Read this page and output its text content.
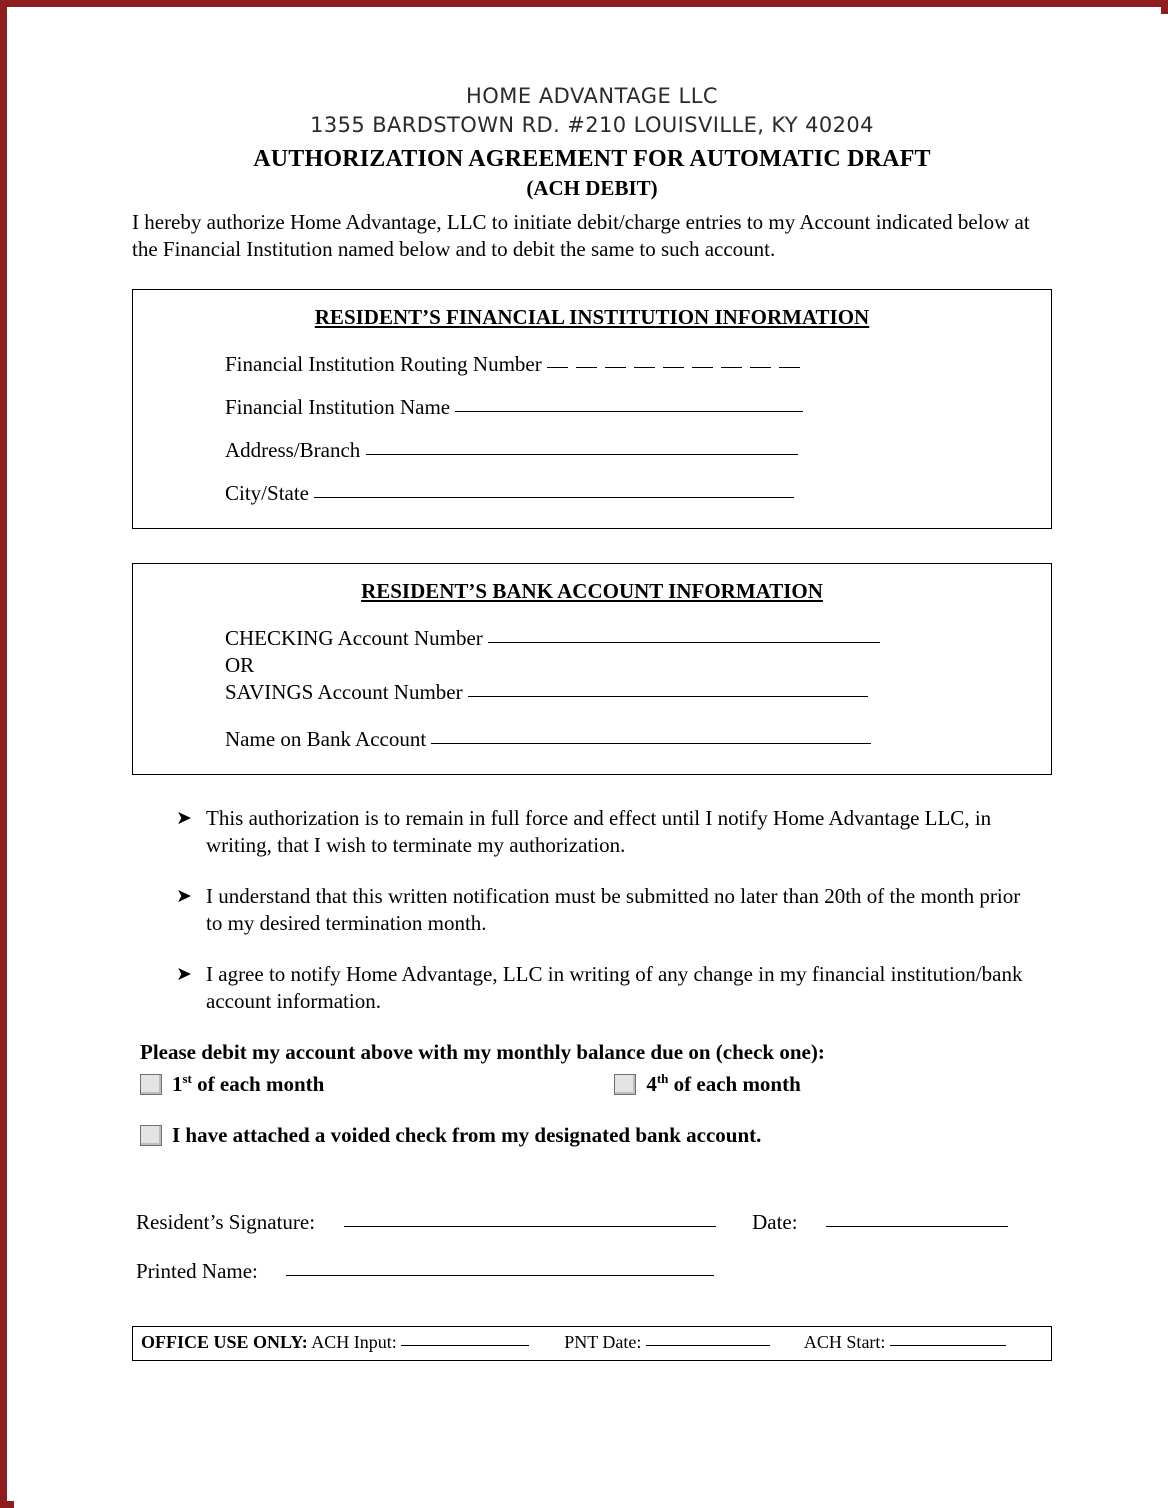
HOME ADVANTAGE LLC

1355 BARDSTOWN RD. #210 LOUISVILLE, KY 40204

AUTHORIZATION AGREEMENT FOR AUTOMATIC DRAFT

(ACH DEBIT)

I hereby authorize Home Advantage, LLC to initiate debit/charge entries to my Account indicated below at the Financial Institution named below and to debit the same to such account.

RESIDENT’S FINANCIAL INSTITUTION INFORMATION

Financial Institution Routing Number
Financial Institution Name
Address/Branch
City/State

RESIDENT’S BANK ACCOUNT INFORMATION

CHECKING Account Number
OR
SAVINGS Account Number
Name on Bank Account
➤ This authorization is to remain in full force and effect until I notify Home Advantage LLC, in writing, that I wish to terminate my authorization.
➤ I understand that this written notification must be submitted no later than 20th of the month prior to my desired termination month.
➤ I agree to notify Home Advantage, LLC in writing of any change in my financial institution/bank account information.

Please debit my account above with my monthly balance due on (check one):

1st of each month	4th of each month
I have attached a voided check from my designated bank account.
Resident’s Signature:	Date:
Printed Name:
OFFICE USE ONLY: ACH Input:	PNT Date:	ACH Start:
